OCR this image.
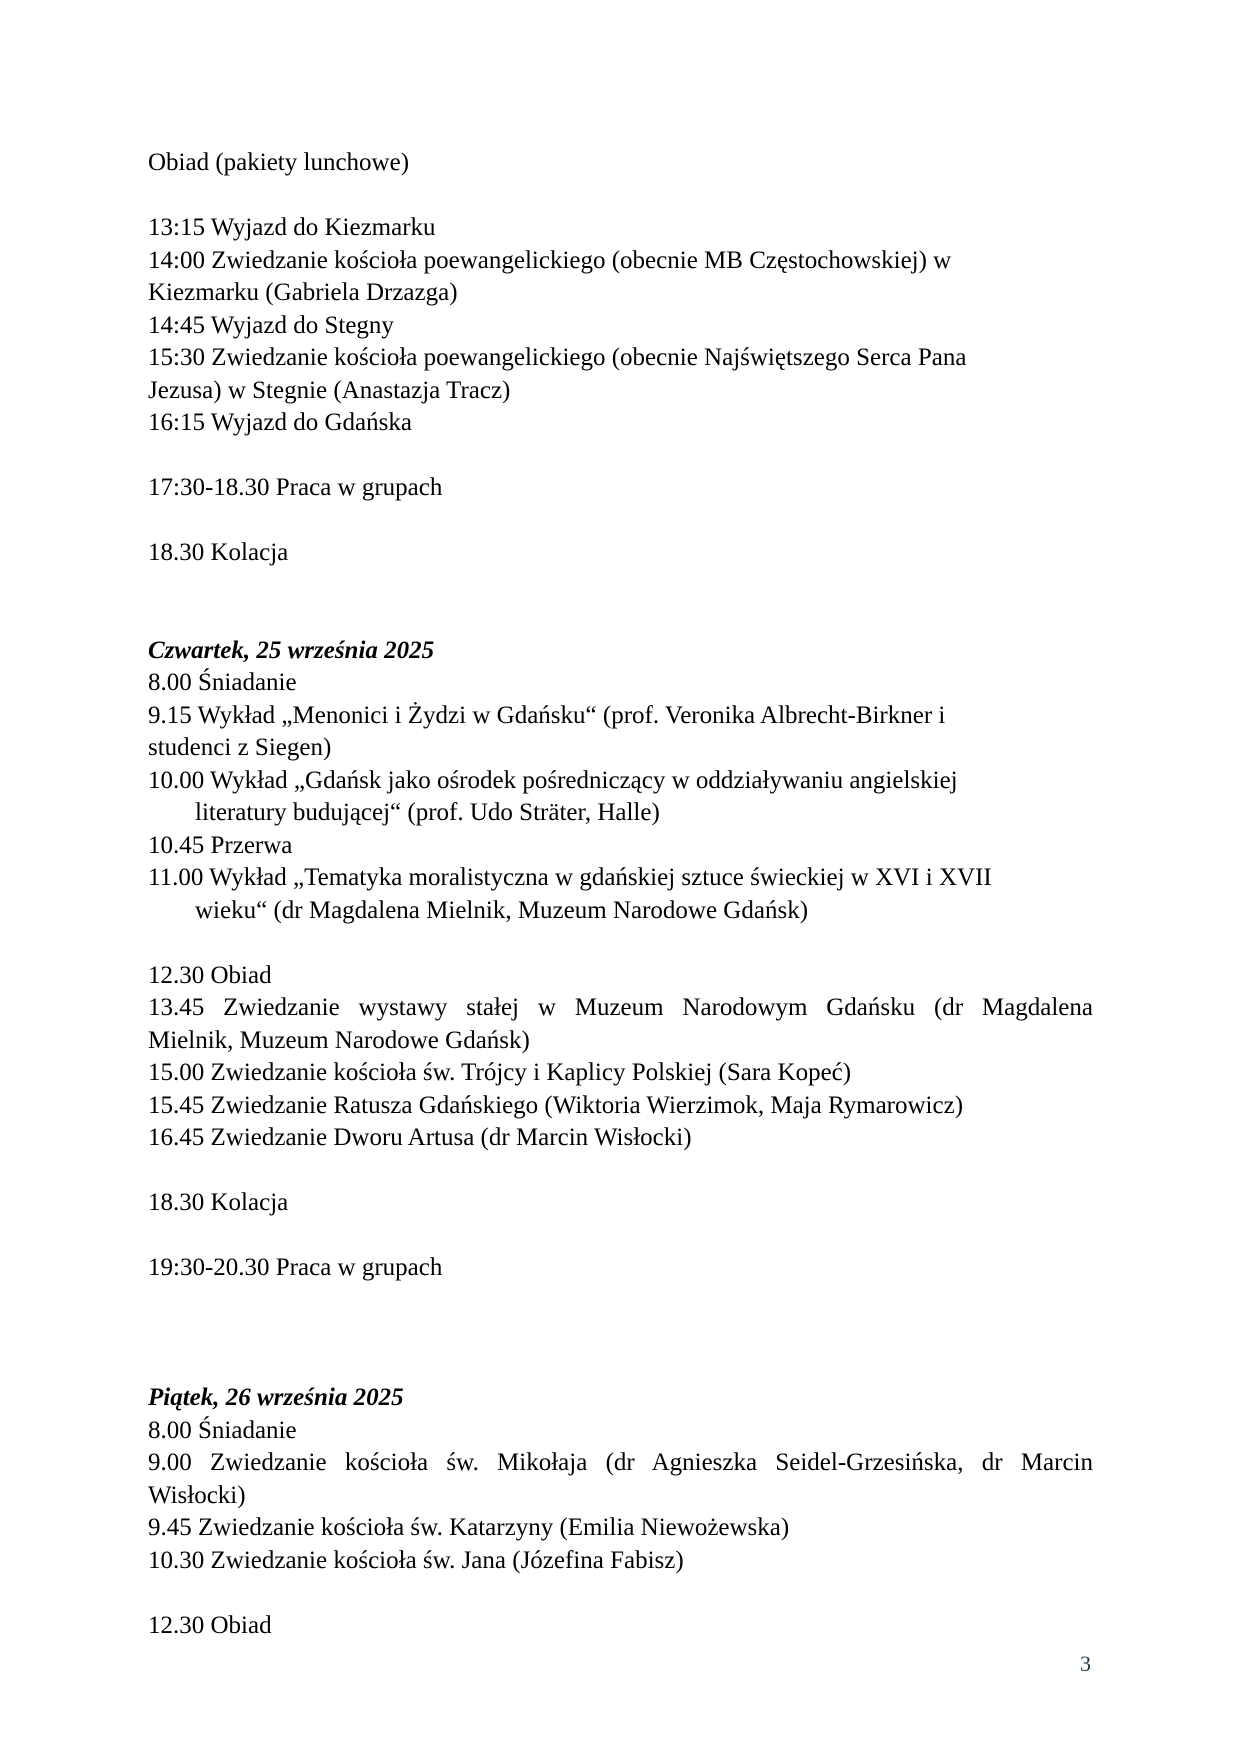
Obiad (pakiety lunchowe)
13:15 Wyjazd do Kiezmarku
14:00 Zwiedzanie kościoła poewangelickiego (obecnie MB Częstochowskiej) w
Kiezmarku (Gabriela Drzazga)
14:45 Wyjazd do Stegny
15:30 Zwiedzanie kościoła poewangelickiego (obecnie Najświętszego Serca Pana
Jezusa) w Stegnie (Anastazja Tracz)
16:15 Wyjazd do Gdańska
17:30-18.30 Praca w grupach
18.30 Kolacja
Czwartek, 25 września 2025
8.00 Śniadanie
9.15 Wykład „Menonici i Żydzi w Gdańsku“ (prof. Veronika Albrecht-Birkner i
studenci z Siegen)
10.00 Wykład „Gdańsk jako ośrodek pośredniczący w oddziaływaniu angielskiej
literatury budującej“ (prof. Udo Sträter, Halle)
10.45 Przerwa
11.00 Wykład „Tematyka moralistyczna w gdańskiej sztuce świeckiej w XVI i XVII
wieku“ (dr Magdalena Mielnik, Muzeum Narodowe Gdańsk)
12.30 Obiad
13.45 Zwiedzanie wystawy stałej w Muzeum Narodowym Gdańsku (dr Magdalena
Mielnik, Muzeum Narodowe Gdańsk)
15.00 Zwiedzanie kościoła św. Trójcy i Kaplicy Polskiej (Sara Kopeć)
15.45 Zwiedzanie Ratusza Gdańskiego (Wiktoria Wierzimok, Maja Rymarowicz)
16.45 Zwiedzanie Dworu Artusa (dr Marcin Wisłocki)
18.30 Kolacja
19:30-20.30 Praca w grupach
Piątek, 26 września 2025
8.00 Śniadanie
9.00 Zwiedzanie kościoła św. Mikołaja (dr Agnieszka Seidel-Grzesińska, dr Marcin
Wisłocki)
9.45 Zwiedzanie kościoła św. Katarzyny (Emilia Niewożewska)
10.30 Zwiedzanie kościoła św. Jana (Józefina Fabisz)
12.30 Obiad
3
